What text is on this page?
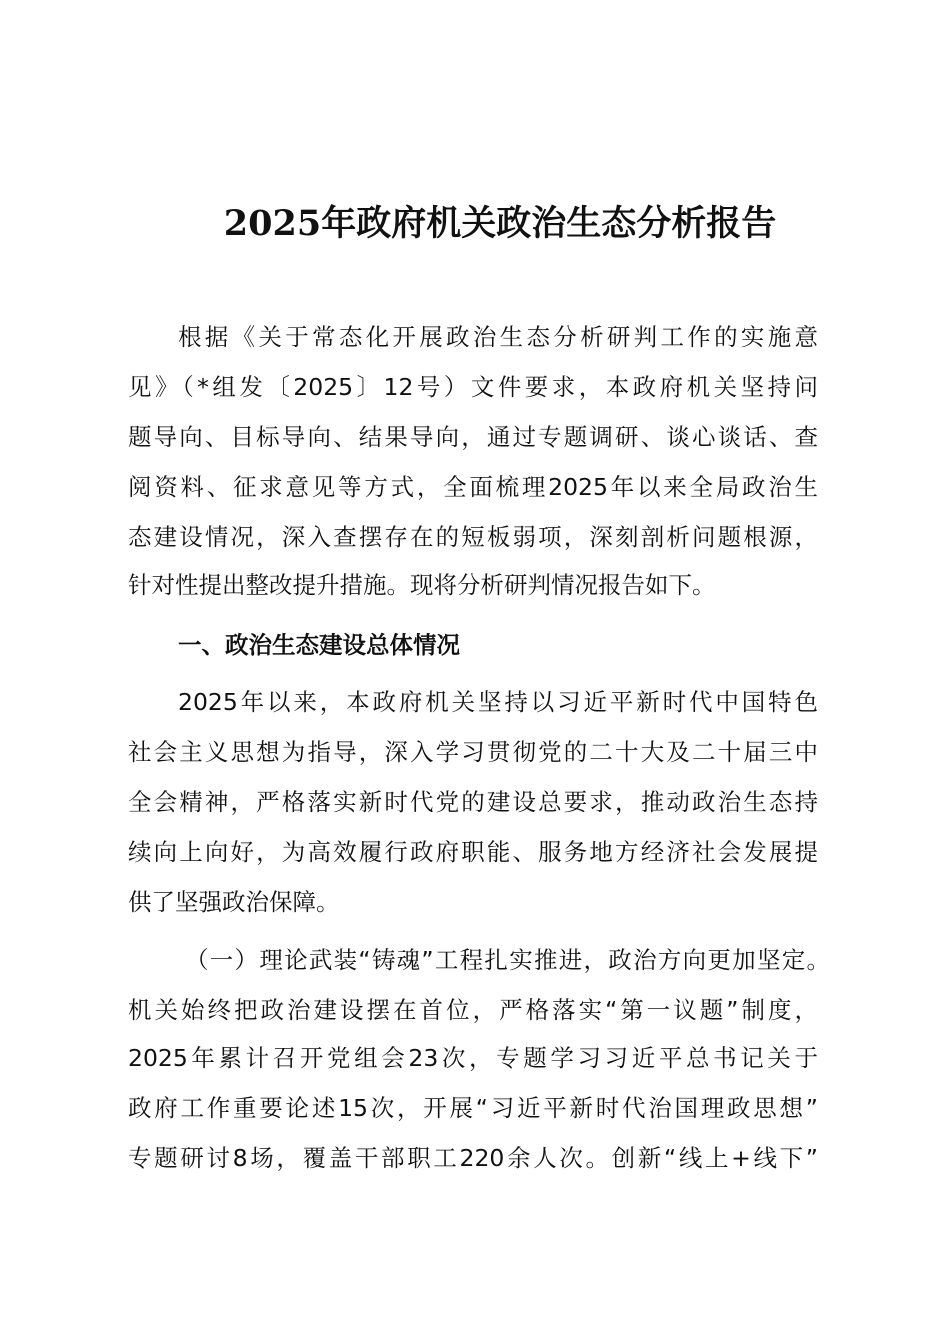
2025年政府机关政治生态分析报告
根据《关于常态化开展政治生态分析研判工作的实施意
见》（*组发〔2025〕12号）文件要求，本政府机关坚持问
题导向、目标导向、结果导向，通过专题调研、谈心谈话、查
阅资料、征求意见等方式，全面梳理2025年以来全局政治生
态建设情况，深入查摆存在的短板弱项，深刻剖析问题根源，
针对性提出整改提升措施。现将分析研判情况报告如下。
一、政治生态建设总体情况
2025年以来，本政府机关坚持以习近平新时代中国特色
社会主义思想为指导，深入学习贯彻党的二十大及二十届三中
全会精神，严格落实新时代党的建设总要求，推动政治生态持
续向上向好，为高效履行政府职能、服务地方经济社会发展提
供了坚强政治保障。
（一）理论武装“铸魂”工程扎实推进，政治方向更加坚定。
机关始终把政治建设摆在首位，严格落实“第一议题”制度，
2025年累计召开党组会23次，专题学习习近平总书记关于
政府工作重要论述15次，开展“习近平新时代治国理政思想”
专题研讨8场，覆盖干部职工220余人次。创新“线上+线下”
